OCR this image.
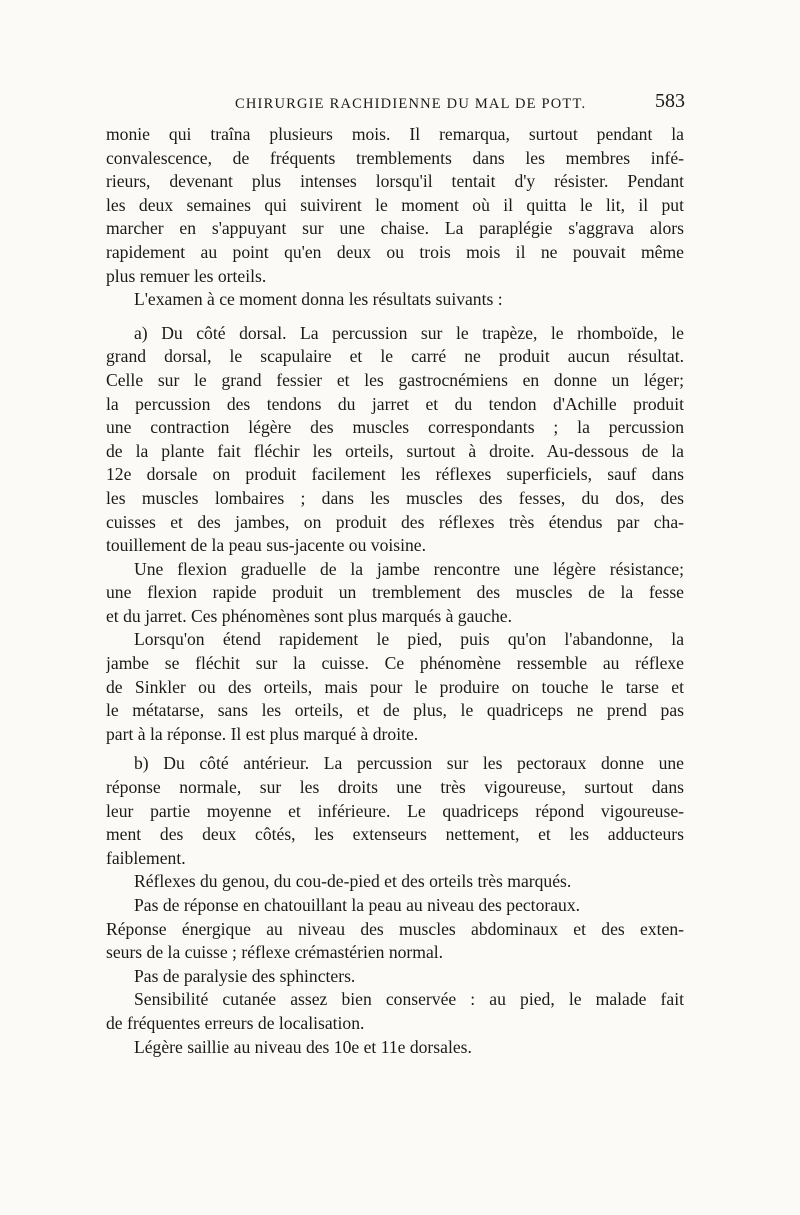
CHIRURGIE RACHIDIENNE DU MAL DE POTT.	583
monie qui traîna plusieurs mois. Il remarqua, surtout pendant la
convalescence, de fréquents tremblements dans les membres infé-
rieurs, devenant plus intenses lorsqu'il tentait d'y résister. Pendant
les deux semaines qui suivirent le moment où il quitta le lit, il put
marcher en s'appuyant sur une chaise. La paraplégie s'aggrava alors
rapidement au point qu'en deux ou trois mois il ne pouvait même
plus remuer les orteils.
L'examen à ce moment donna les résultats suivants :
a) Du côté dorsal. La percussion sur le trapèze, le rhomboïde, le
grand dorsal, le scapulaire et le carré ne produit aucun résultat.
Celle sur le grand fessier et les gastrocnémiens en donne un léger;
la percussion des tendons du jarret et du tendon d'Achille produit
une contraction légère des muscles correspondants ; la percussion
de la plante fait fléchir les orteils, surtout à droite. Au-dessous de la
12e dorsale on produit facilement les réflexes superficiels, sauf dans
les muscles lombaires ; dans les muscles des fesses, du dos, des
cuisses et des jambes, on produit des réflexes très étendus par cha-
touillement de la peau sus-jacente ou voisine.
Une flexion graduelle de la jambe rencontre une légère résistance;
une flexion rapide produit un tremblement des muscles de la fesse
et du jarret. Ces phénomènes sont plus marqués à gauche.
Lorsqu'on étend rapidement le pied, puis qu'on l'abandonne, la
jambe se fléchit sur la cuisse. Ce phénomène ressemble au réflexe
de Sinkler ou des orteils, mais pour le produire on touche le tarse et
le métatarse, sans les orteils, et de plus, le quadriceps ne prend pas
part à la réponse. Il est plus marqué à droite.
b) Du côté antérieur. La percussion sur les pectoraux donne une
réponse normale, sur les droits une très vigoureuse, surtout dans
leur partie moyenne et inférieure. Le quadriceps répond vigoureuse-
ment des deux côtés, les extenseurs nettement, et les adducteurs
faiblement.
Réflexes du genou, du cou-de-pied et des orteils très marqués.
Pas de réponse en chatouillant la peau au niveau des pectoraux.
Réponse énergique au niveau des muscles abdominaux et des exten-
seurs de la cuisse ; réflexe crémastérien normal.
Pas de paralysie des sphincters.
Sensibilité cutanée assez bien conservée : au pied, le malade fait
de fréquentes erreurs de localisation.
Légère saillie au niveau des 10e et 11e dorsales.
